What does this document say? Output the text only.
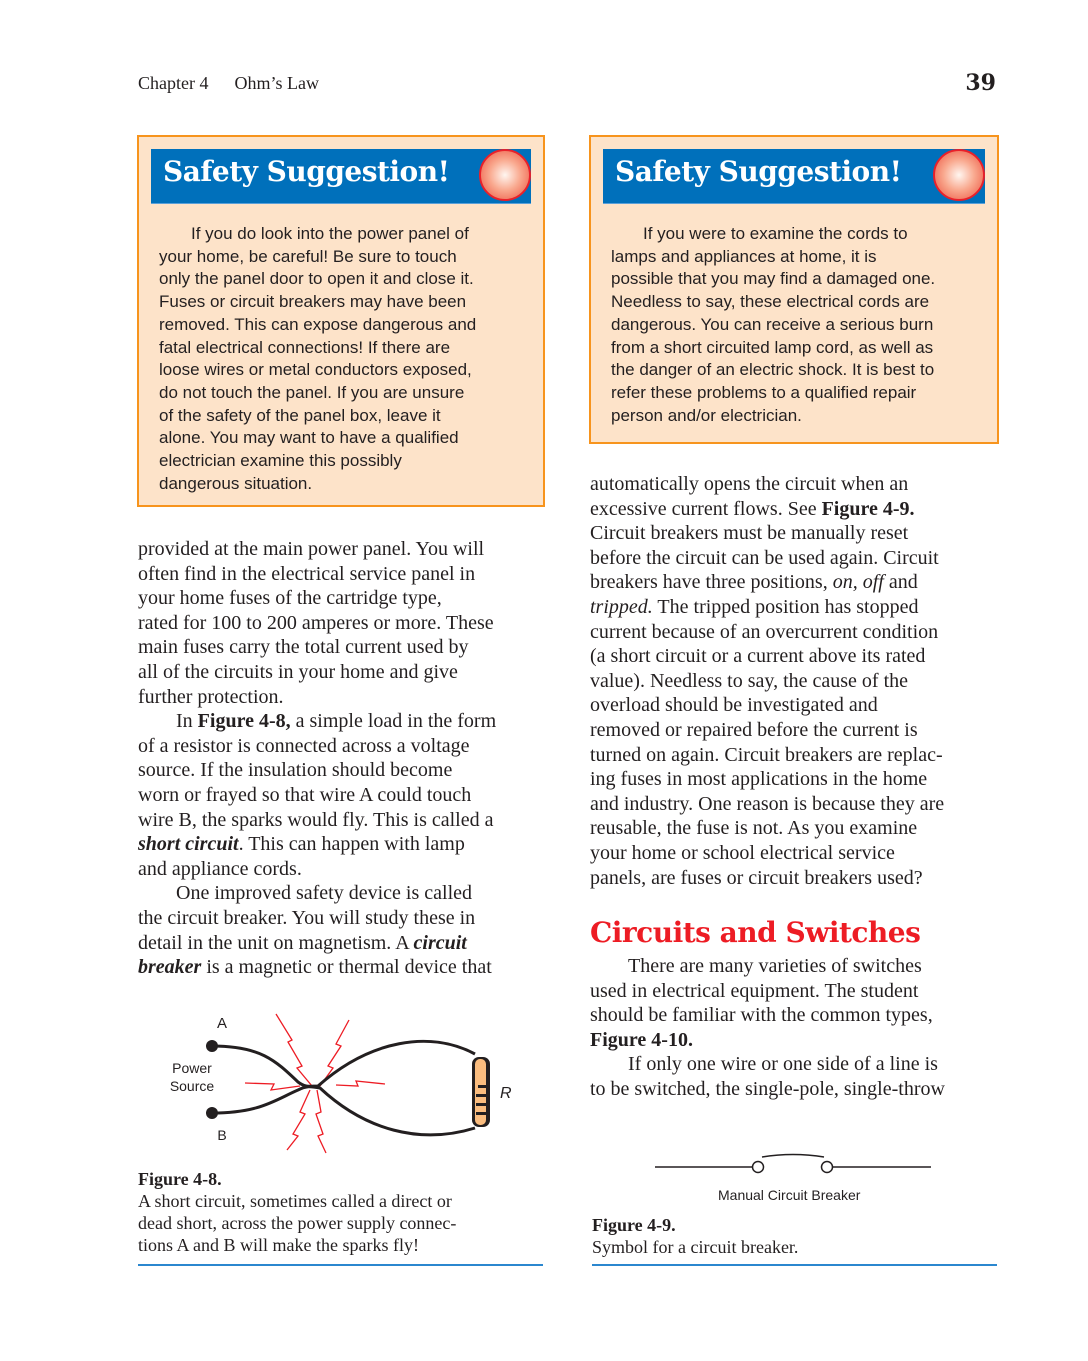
Chapter 4 Ohm’s Law	39
Safety Suggestion!
If you do look into the power panel of
your home, be careful! Be sure to touch
only the panel door to open it and close it.
Fuses or circuit breakers may have been
removed. This can expose dangerous and
fatal electrical connections! If there are
loose wires or metal conductors exposed,
do not touch the panel. If you are unsure
of the safety of the panel box, leave it
alone. You may want to have a qualified
electrician examine this possibly
dangerous situation.
Safety Suggestion!
If you were to examine the cords to
lamps and appliances at home, it is
possible that you may find a damaged one.
Needless to say, these electrical cords are
dangerous. You can receive a serious burn
from a short circuited lamp cord, as well as
the danger of an electric shock. It is best to
refer these problems to a qualified repair
person and/or electrician.

provided at the main power panel. You will
often find in the electrical service panel in
your home fuses of the cartridge type,
rated for 100 to 200 amperes or more. These
main fuses carry the total current used by
all of the circuits in your home and give
further protection.

In Figure 4-8, a simple load in the form
of a resistor is connected across a voltage
source. If the insulation should become
worn or frayed so that wire A could touch
wire B, the sparks would fly. This is called a
short circuit. This can happen with lamp
and appliance cords.

One improved safety device is called
the circuit breaker. You will study these in
detail in the unit on magnetism. A circuit
breaker is a magnetic or thermal device that

A
B
Power
Source	R
Figure 4-8.
A short circuit, sometimes called a direct or
dead short, across the power supply connec-
tions A and B will make the sparks fly!

automatically opens the circuit when an
excessive current flows. See Figure 4-9.
Circuit breakers must be manually reset
before the circuit can be used again. Circuit
breakers have three positions, on, off and
tripped. The tripped position has stopped
current because of an overcurrent condition
(a short circuit or a current above its rated
value). Needless to say, the cause of the
overload should be investigated and
removed or repaired before the current is
turned on again. Circuit breakers are replac-
ing fuses in most applications in the home
and industry. One reason is because they are
reusable, the fuse is not. As you examine
your home or school electrical service
panels, are fuses or circuit breakers used?

Circuits and Switches

There are many varieties of switches
used in electrical equipment. The student
should be familiar with the common types,
Figure 4-10.

If only one wire or one side of a line is
to be switched, the single-pole, single-throw

Manual Circuit Breaker
Figure 4-9.
Symbol for a circuit breaker.
